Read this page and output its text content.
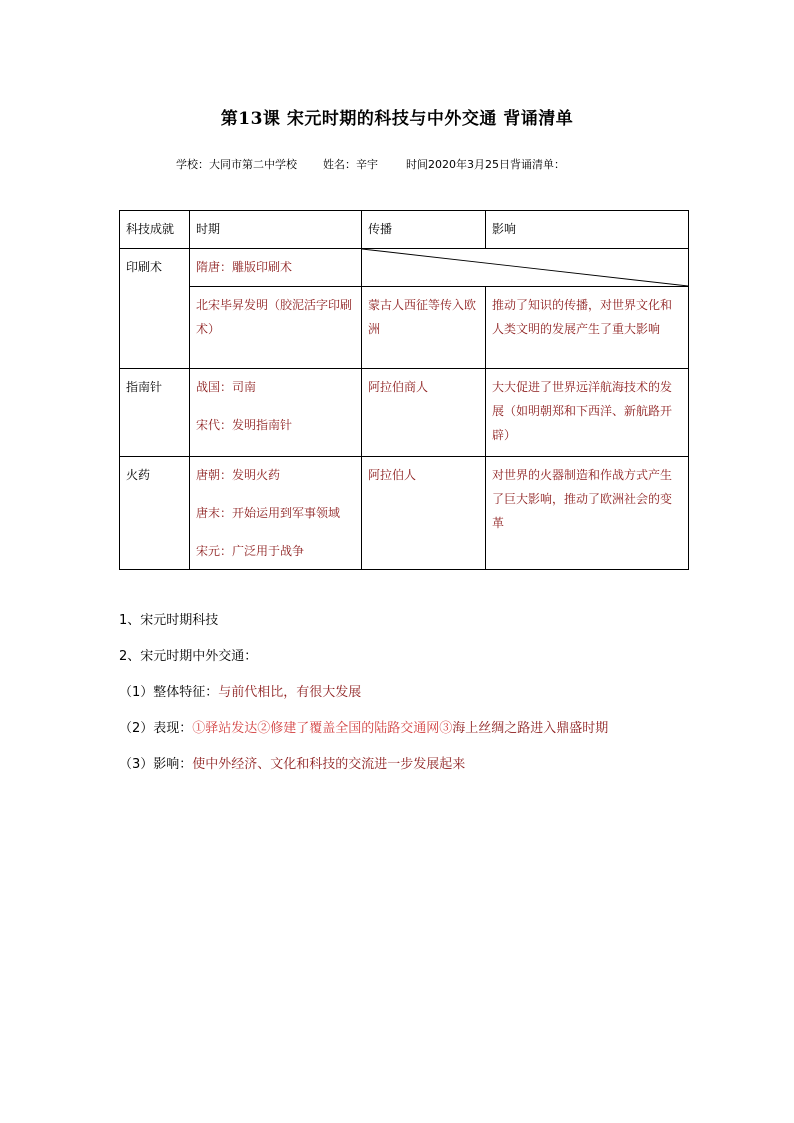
第13课 宋元时期的科技与中外交通 背诵清单
学校：大同市第二中学校 姓名：辛宇	时间2020年3月25日背诵清单：
科技成就	时期	传播	影响
印刷术	隋唐：雕版印刷术	

	北宋毕昇发明（胶泥活字印刷术）	蒙古人西征等传入欧洲	推动了知识的传播，对世界文化和人类文明的发展产生了重大影响
指南针	战国：司南
宋代：发明指南针	阿拉伯商人	大大促进了世界远洋航海技术的发展（如明朝郑和下西洋、新航路开辟）
火药	唐朝：发明火药
唐末：开始运用到军事领域
宋元：广泛用于战争	阿拉伯人	对世界的火器制造和作战方式产生了巨大影响，推动了欧洲社会的变革
1、宋元时期科技
2、宋元时期中外交通：
（1）整体特征：与前代相比，有很大发展
（2）表现：①驿站发达②修建了覆盖全国的陆路交通网③海上丝绸之路进入鼎盛时期
（3）影响：使中外经济、文化和科技的交流进一步发展起来
